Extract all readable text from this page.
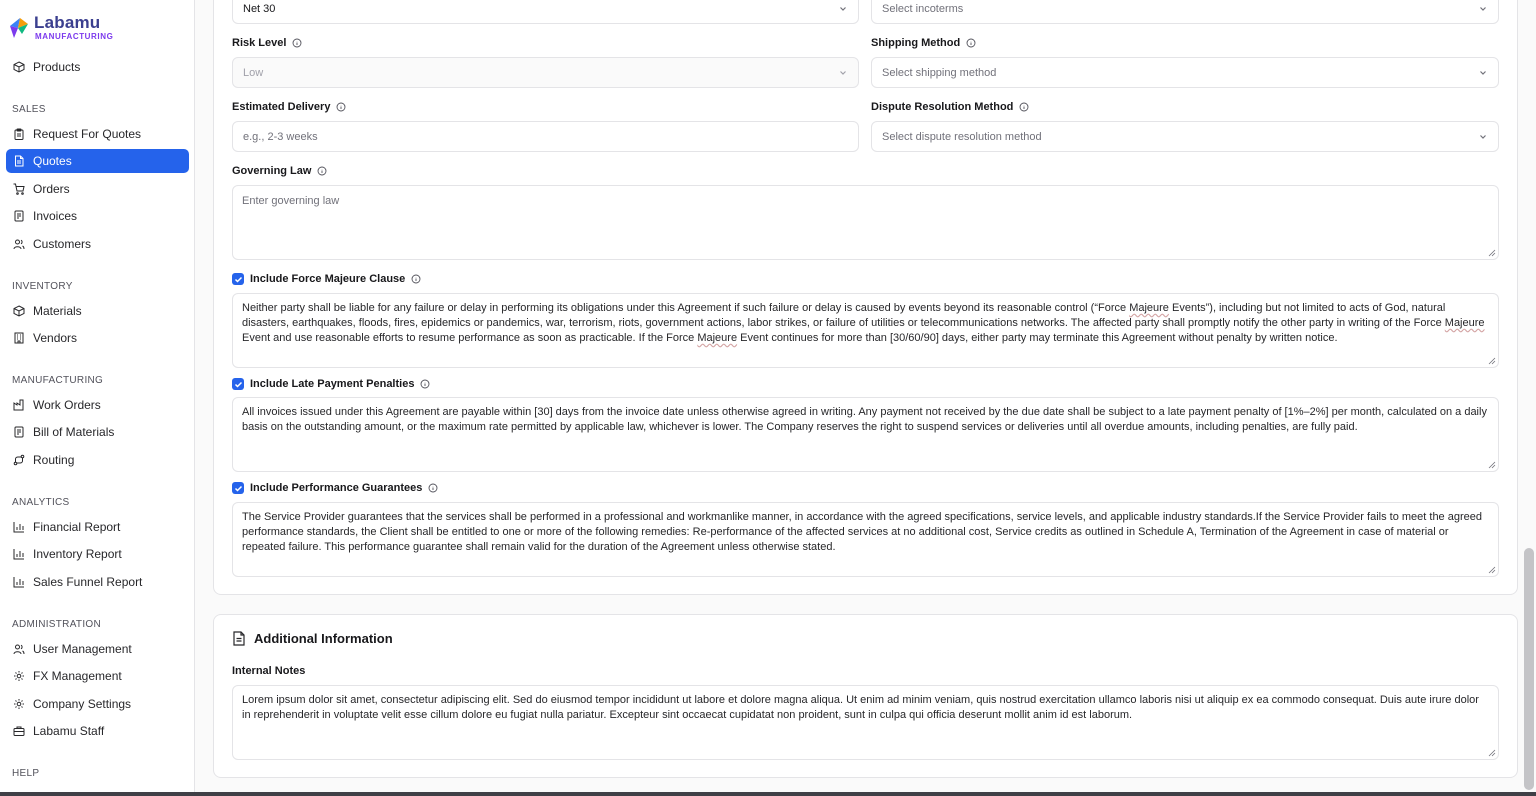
Labamu
MANUFACTURING
Products
SALES
Request For Quotes
Quotes
Orders
Invoices
Customers
INVENTORY
Materials
Vendors
MANUFACTURING
Work Orders
Bill of Materials
Routing
ANALYTICS
Financial Report
Inventory Report
Sales Funnel Report
ADMINISTRATION
User Management
FX Management
Company Settings
Labamu Staff
HELP
Net 30	Select incoterms
Risk Level
Low
Shipping Method
Select shipping method
Estimated Delivery
e.g., 2-3 weeks
Dispute Resolution Method
Select dispute resolution method
Governing Law
Enter governing law
Include Force Majeure Clause
Neither party shall be liable for any failure or delay in performing its obligations under this Agreement if such failure or delay is caused by events beyond its reasonable control (“Force Majeure Events”), including but not limited to acts of God, natural disasters, earthquakes, floods, fires, epidemics or pandemics, war, terrorism, riots, government actions, labor strikes, or failure of utilities or telecommunications networks. The affected party shall promptly notify the other party in writing of the Force Majeure Event and use reasonable efforts to resume performance as soon as practicable. If the Force Majeure Event continues for more than [30/60/90] days, either party may terminate this Agreement without penalty by written notice.
Include Late Payment Penalties
All invoices issued under this Agreement are payable within [30] days from the invoice date unless otherwise agreed in writing. Any payment not received by the due date shall be subject to a late payment penalty of [1%–2%] per month, calculated on a daily basis on the outstanding amount, or the maximum rate permitted by applicable law, whichever is lower. The Company reserves the right to suspend services or deliveries until all overdue amounts, including penalties, are fully paid.
Include Performance Guarantees
The Service Provider guarantees that the services shall be performed in a professional and workmanlike manner, in accordance with the agreed specifications, service levels, and applicable industry standards.If the Service Provider fails to meet the agreed performance standards, the Client shall be entitled to one or more of the following remedies: Re-performance of the affected services at no additional cost, Service credits as outlined in Schedule A, Termination of the Agreement in case of material or repeated failure. This performance guarantee shall remain valid for the duration of the Agreement unless otherwise stated.
Additional Information
Internal Notes
Lorem ipsum dolor sit amet, consectetur adipiscing elit. Sed do eiusmod tempor incididunt ut labore et dolore magna aliqua. Ut enim ad minim veniam, quis nostrud exercitation ullamco laboris nisi ut aliquip ex ea commodo consequat. Duis aute irure dolor in reprehenderit in voluptate velit esse cillum dolore eu fugiat nulla pariatur. Excepteur sint occaecat cupidatat non proident, sunt in culpa qui officia deserunt mollit anim id est laborum.
